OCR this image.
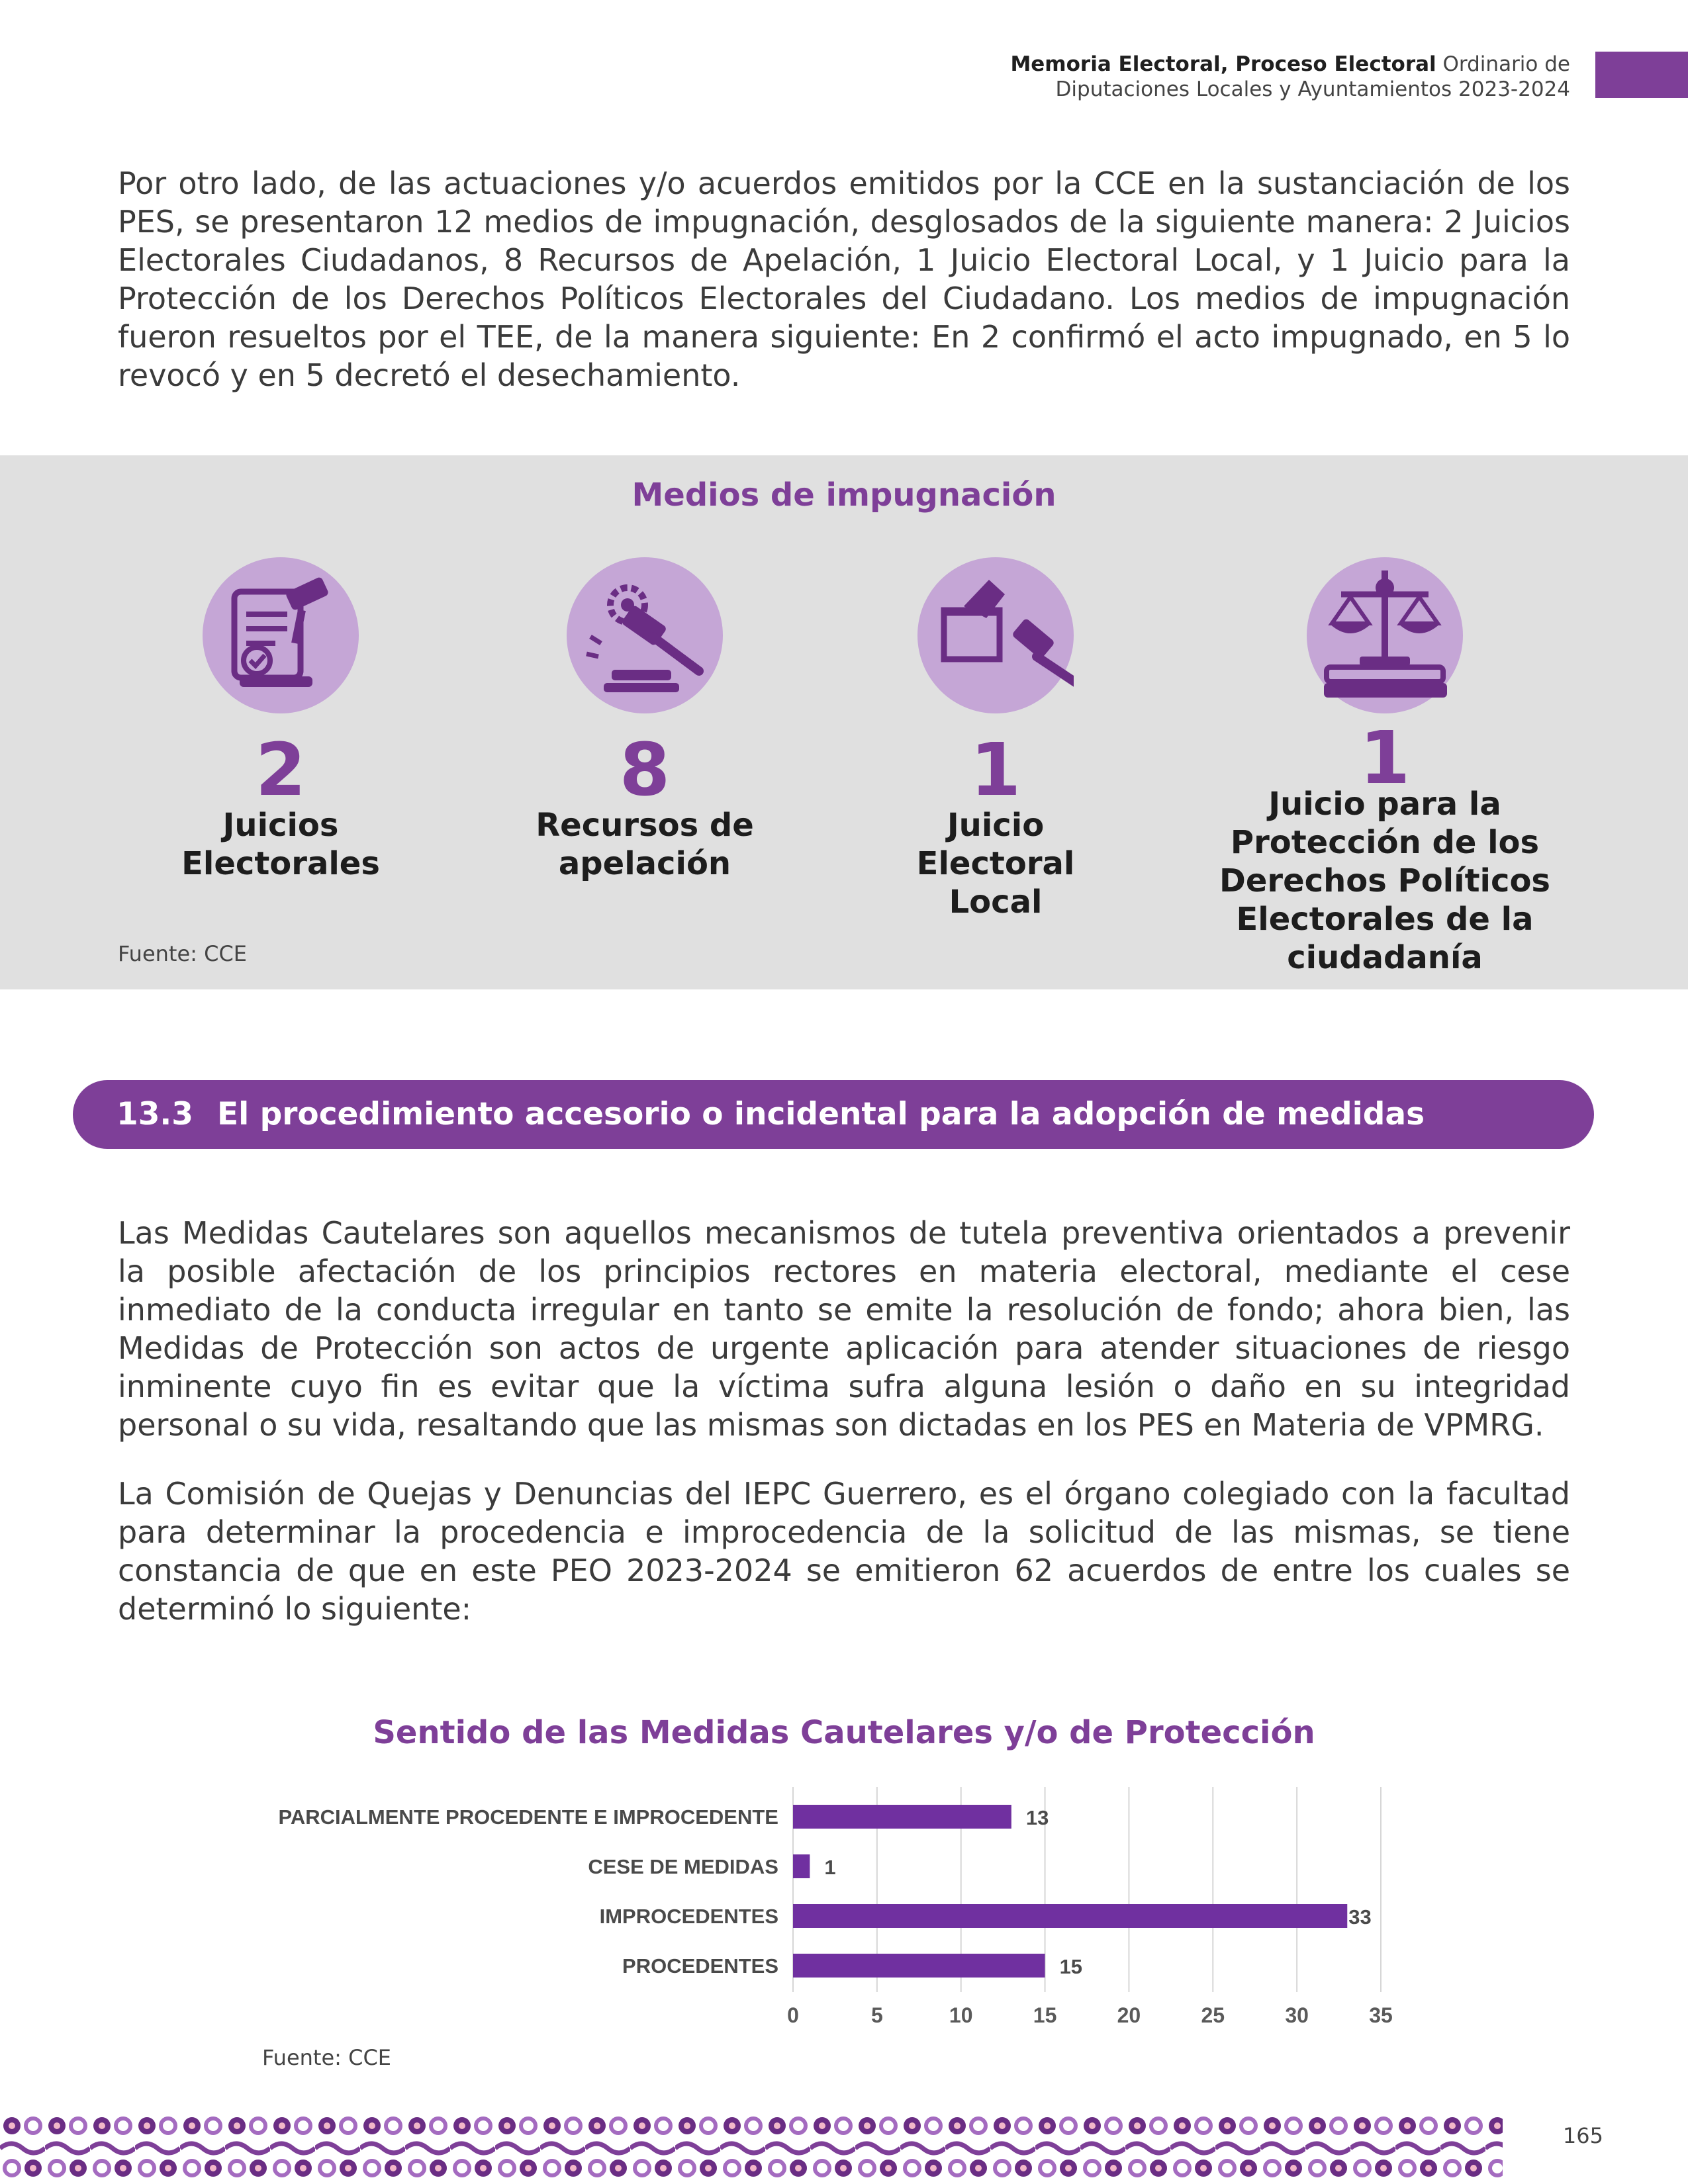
Memoria Electoral, Proceso Electoral Ordinario de
Diputaciones Locales y Ayuntamientos 2023-2024

Por otro lado, de las actuaciones y/o acuerdos emitidos por la CCE en la sustanciación de los PES, se presentaron 12 medios de impugnación, desglosados de la siguiente manera: 2 Juicios Electorales Ciudadanos, 8 Recursos de Apelación, 1 Juicio Electoral Local, y 1 Juicio para la Protección de los Derechos Políticos Electorales del Ciudadano. Los medios de impugnación fueron resueltos por el TEE, de la manera siguiente: En 2 confirmó el acto impugnado, en 5 lo revocó y en 5 decretó el desechamiento.

Medios de impugnación
2
Juicios Electorales
8
Recursos de apelación
1
Juicio Electoral Local
1
Juicio para la Protección de los Derechos Políticos Electorales de la ciudadanía
Fuente: CCE
13.3 El procedimiento accesorio o incidental para la adopción de medidas cautelares

Las Medidas Cautelares son aquellos mecanismos de tutela preventiva orientados a prevenir la posible afectación de los principios rectores en materia electoral, mediante el cese inmediato de la conducta irregular en tanto se emite la resolución de fondo; ahora bien, las Medidas de Protección son actos de urgente aplicación para atender situaciones de riesgo inminente cuyo fin es evitar que la víctima sufra alguna lesión o daño en su integridad personal o su vida, resaltando que las mismas son dictadas en los PES en Materia de VPMRG.

La Comisión de Quejas y Denuncias del IEPC Guerrero, es el órgano colegiado con la facultad para determinar la procedencia e improcedencia de la solicitud de las mismas, se tiene constancia de que en este PEO 2023-2024 se emitieron 62 acuerdos de entre los cuales se determinó lo siguiente:

Sentido de las Medidas Cautelares y/o de Protección
0	5	10	15	20	25	30	35
PARCIALMENTE PROCEDENTE E IMPROCEDENTE	13
CESE DE MEDIDAS 1
IMPROCEDENTES	33
PROCEDENTES	15
Fuente: CCE
165
